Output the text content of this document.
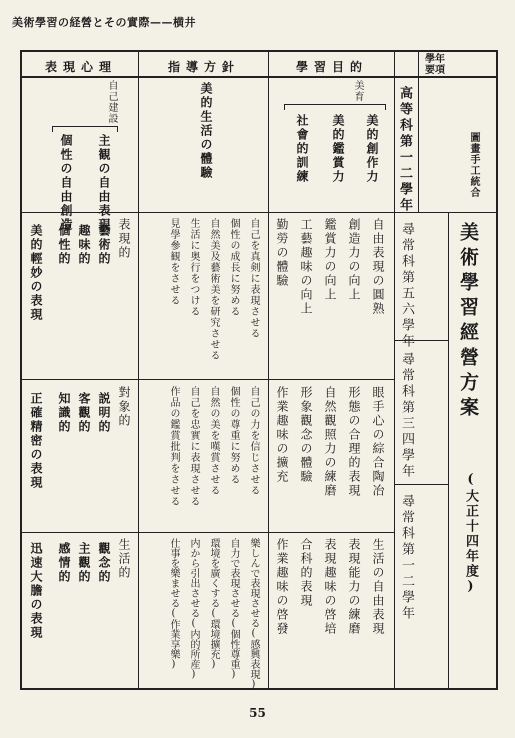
美術學習の経營とその實際——横井
表現心理	指導方針	學習目的
學年
要項
圖畫手工統合
美術學習經營方案
(大正十四年度)
高等科第一二學年
美育
美的創作力
美的鑑賞力
社會的訓練
美的生活の體驗
自己建設
主観の自由表現
個性の自由創造
尋常科第五六學年
自由表現の圓熟
創造力の向上
鑑賞力の向上
工藝趣味の向上
勤勞の體驗
自己を真剣に表現させる
個性の成長に努める
自然美及藝術美を研究させる
生活に奥行をつける
見學參観をさせる
表現的
藝術的
趣味的
個性的
美的輕妙の表現
尋常科第三四學年
眼手心の綜合陶冶
形態の合理的表現
自然觀照力の練磨
形象觀念の體驗
作業趣味の擴充
自己の力を信じさせる
個性の尊重に努める
自然の美を嘆賞させる
自己を忠實に表現させる
作品の鑑賞批判をさせる
對象的
説明的
客觀的
知識的
正確精密の表現
尋常科第一二學年
生活の自由表現
表現能力の練磨
表現趣味の啓培
合科的表現
作業趣味の啓發
樂しんで表現させる(感興表現)
自力で表現させる(個性尊重)
環境を廣くする(環境擴充)
内から引出させる(内的所産)
仕事を樂ませる(作業享樂)
生活的
觀念的
主觀的
感情的
迅速大膽の表現
55
